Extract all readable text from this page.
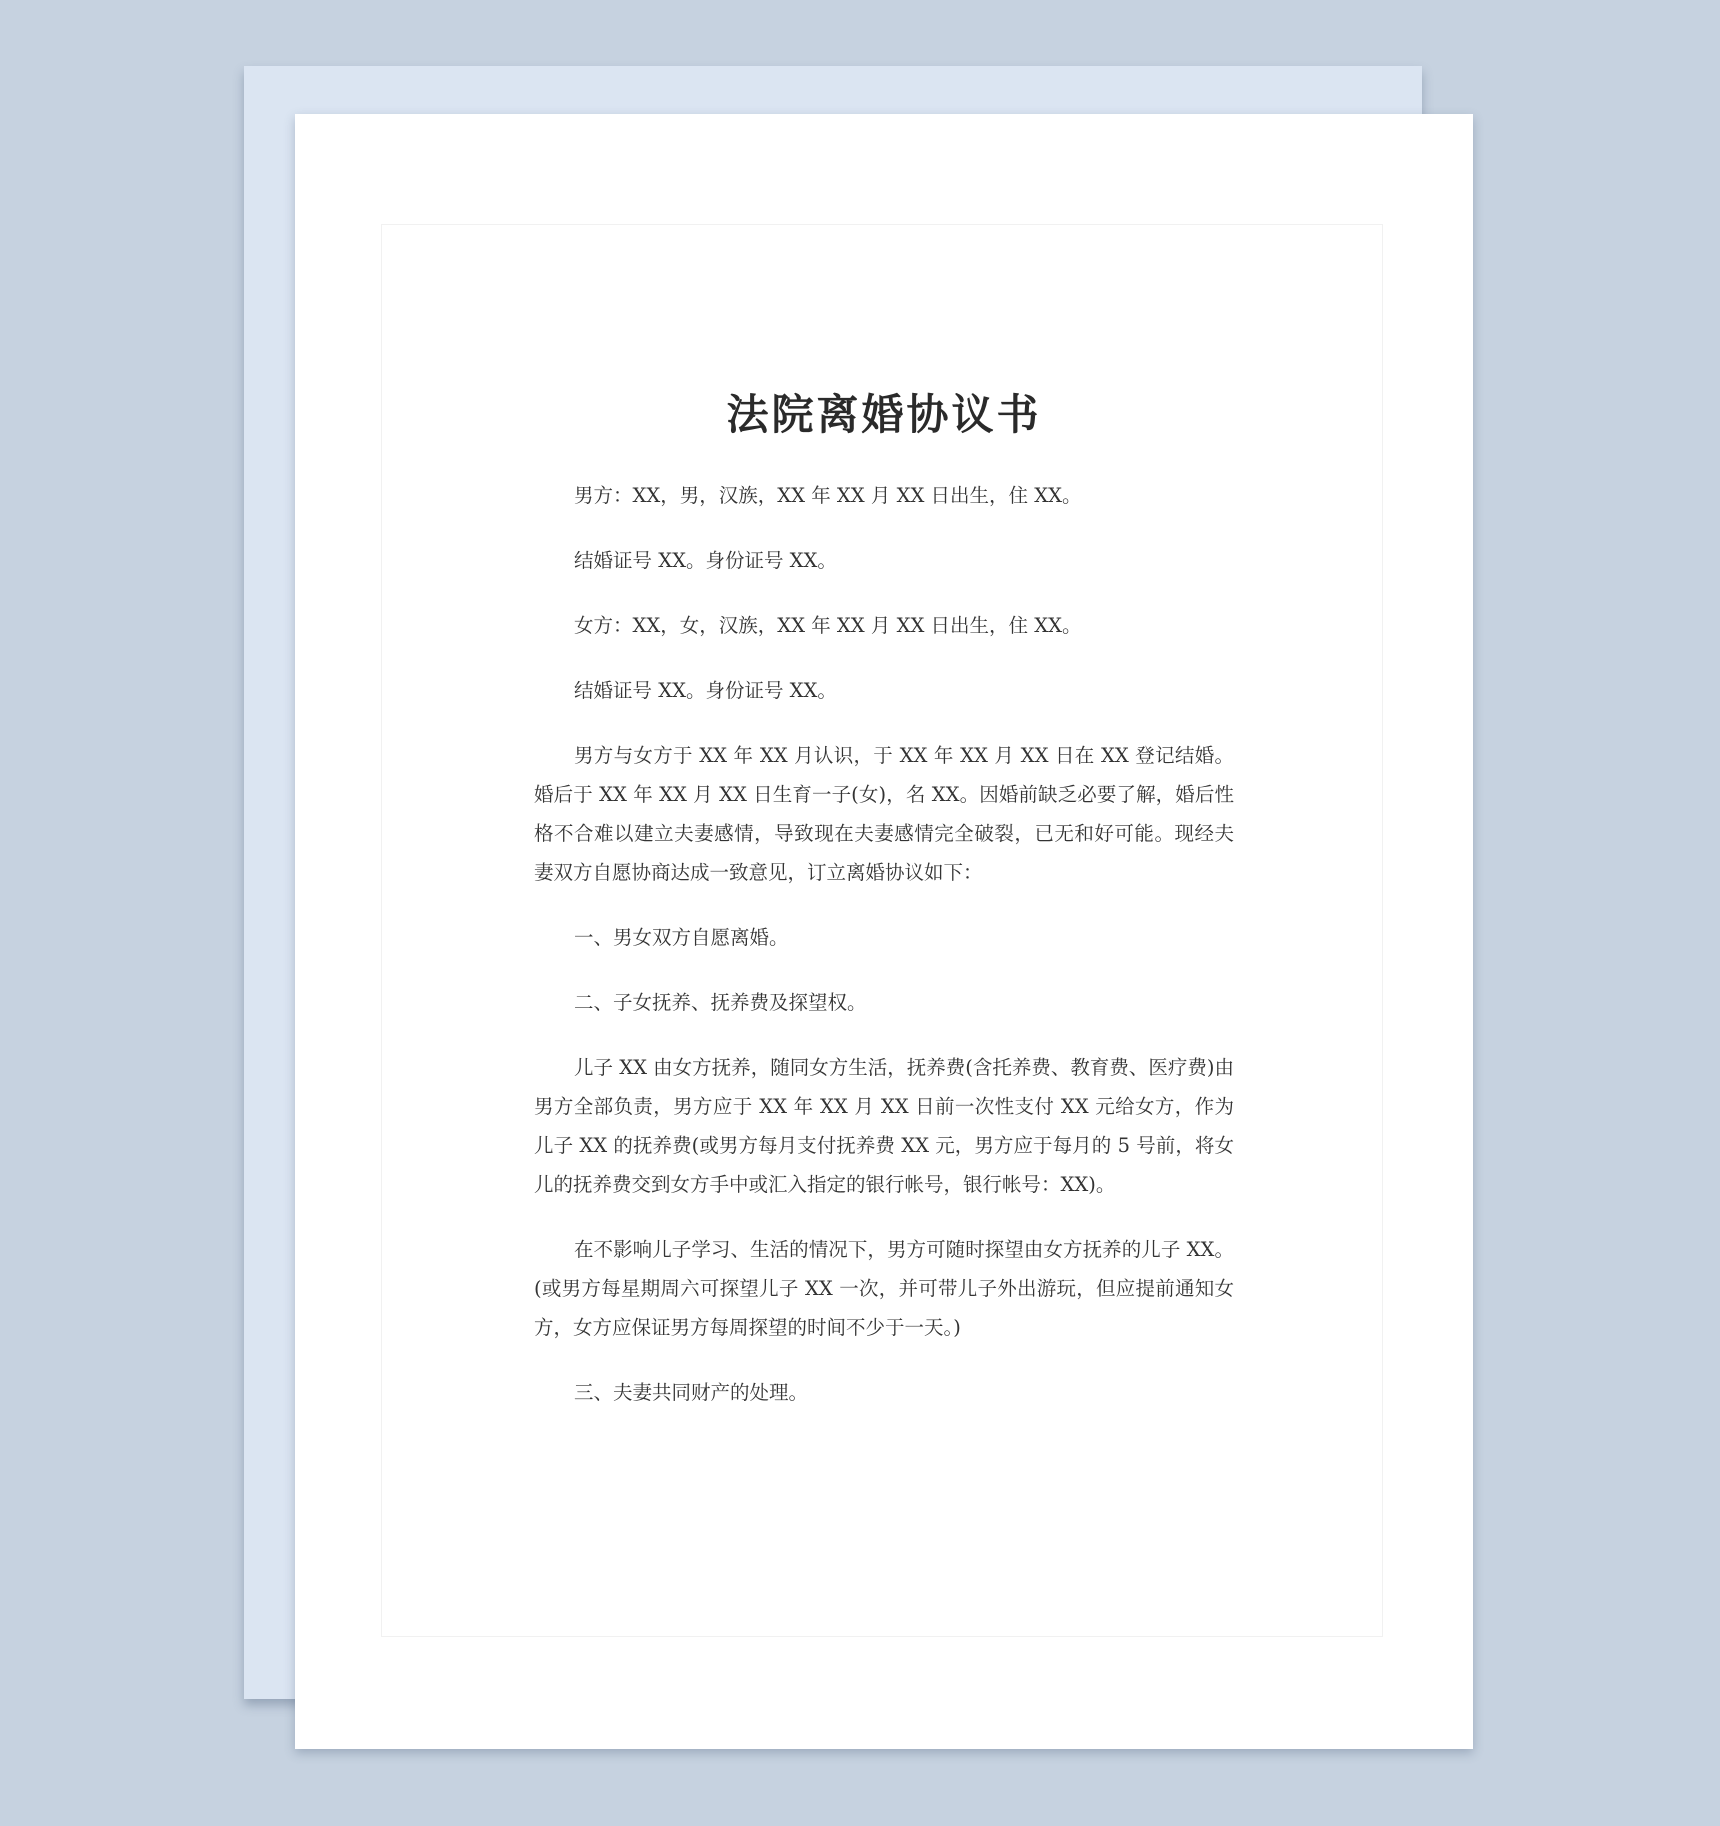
法院离婚协议书

男方：XX，男，汉族，XX 年 XX 月 XX 日出生，住 XX。

结婚证号 XX。身份证号 XX。

女方：XX，女，汉族，XX 年 XX 月 XX 日出生，住 XX。

结婚证号 XX。身份证号 XX。

男方与女方于 XX 年 XX 月认识，于 XX 年 XX 月 XX 日在 XX 登记结婚。婚后于 XX 年 XX 月 XX 日生育一子(女)，名 XX。因婚前缺乏必要了解，婚后性格不合难以建立夫妻感情，导致现在夫妻感情完全破裂，已无和好可能。现经夫妻双方自愿协商达成一致意见，订立离婚协议如下：

一、男女双方自愿离婚。

二、子女抚养、抚养费及探望权。

儿子 XX 由女方抚养，随同女方生活，抚养费(含托养费、教育费、医疗费)由男方全部负责，男方应于 XX 年 XX 月 XX 日前一次性支付 XX 元给女方，作为儿子 XX 的抚养费(或男方每月支付抚养费 XX 元，男方应于每月的 5 号前，将女儿的抚养费交到女方手中或汇入指定的银行帐号，银行帐号：XX)。

在不影响儿子学习、生活的情况下，男方可随时探望由女方抚养的儿子 XX。(或男方每星期周六可探望儿子 XX 一次，并可带儿子外出游玩，但应提前通知女方，女方应保证男方每周探望的时间不少于一天。)

三、夫妻共同财产的处理。
